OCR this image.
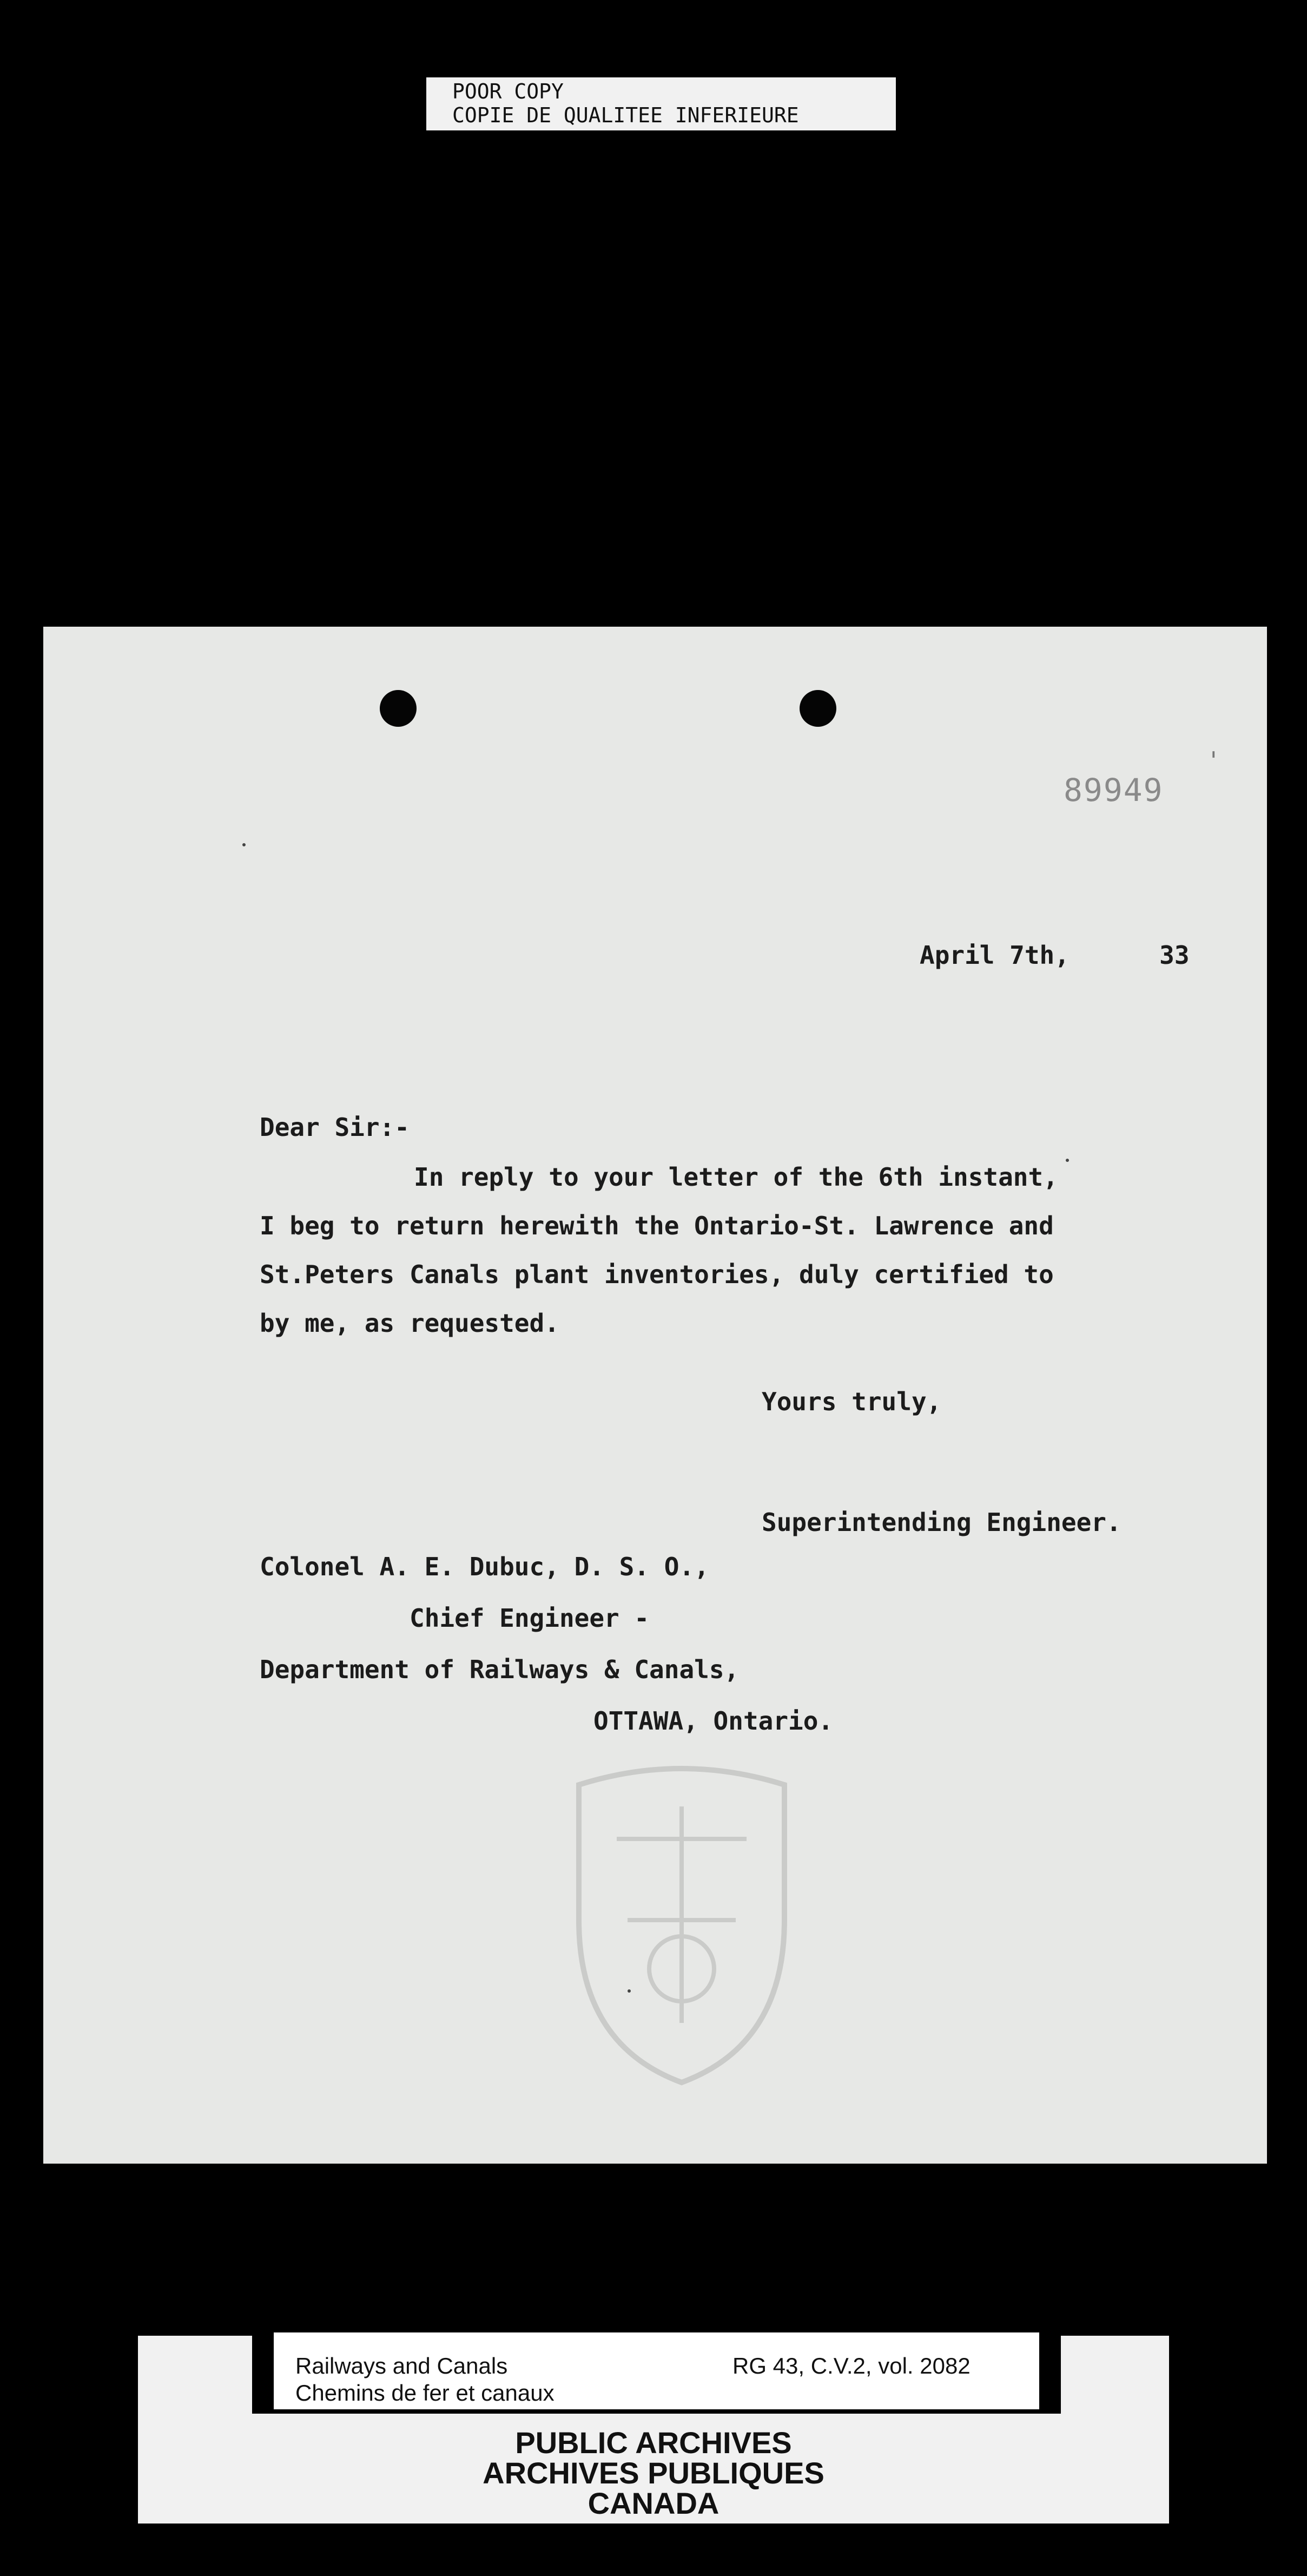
POOR COPY
COPIE DE QUALITEE INFERIEURE
89949
'
April 7th,	33
Dear Sir:-
In reply to your letter of the 6th instant,
I beg to return herewith the Ontario-St. Lawrence and
St.Peters Canals plant inventories, duly certified to
by me, as requested.
Yours truly,
Superintending Engineer.
Colonel A. E. Dubuc, D. S. O.,
Chief Engineer -
Department of Railways & Canals,
OTTAWA, Ontario.
Railways and Canals
Chemins de fer et canaux
RG 43, C.V.2, vol. 2082
PUBLIC ARCHIVES
ARCHIVES PUBLIQUES
CANADA
